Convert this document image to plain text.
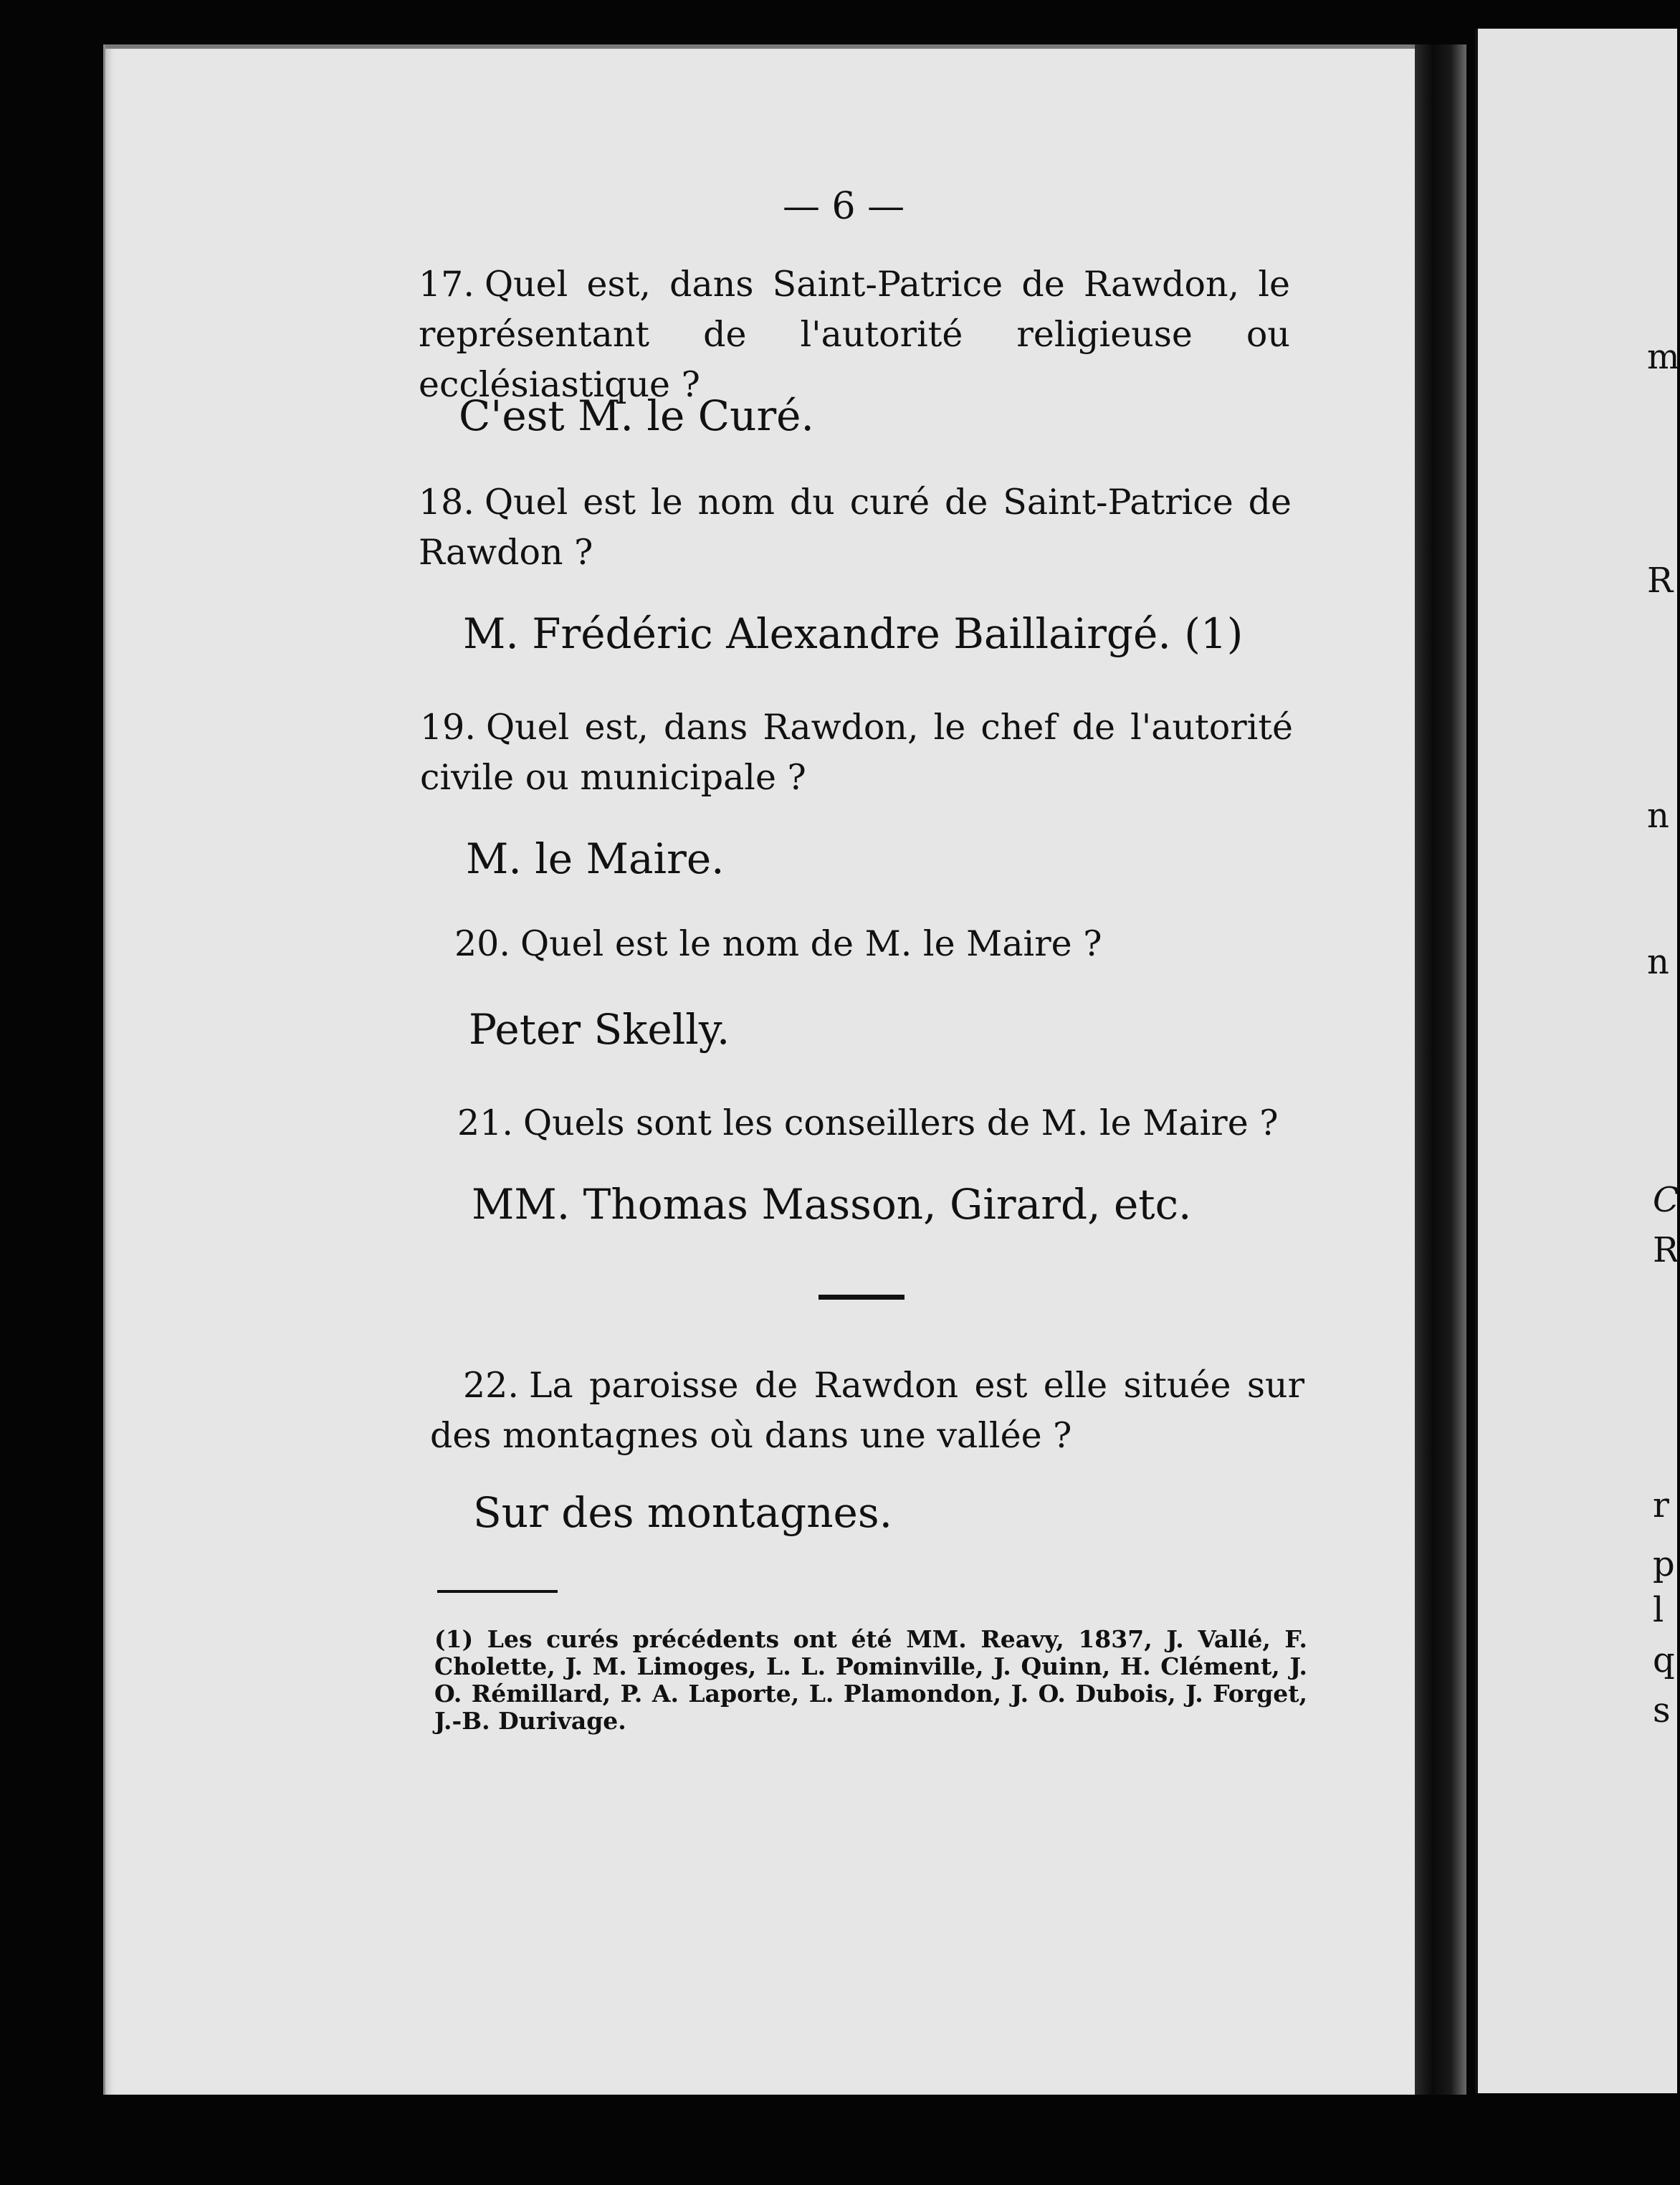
m

R

n

n

C

R

r

p

l

q

s

— 6 —

17. Quel est, dans Saint-Patrice de Rawdon, le représentant de l'autorité religieuse ou ecclésiastique ?

C'est M. le Curé.

18. Quel est le nom du curé de Saint-Patrice de Rawdon ?

M. Frédéric Alexandre Baillairgé. (1)

19. Quel est, dans Rawdon, le chef de l'autorité civile ou municipale ?

M. le Maire.

20. Quel est le nom de M. le Maire ?

Peter Skelly.

21. Quels sont les conseillers de M. le Maire ?

MM. Thomas Masson, Girard, etc.

22. La paroisse de Rawdon est elle située sur des montagnes où dans une vallée ?

Sur des montagnes.

(1) Les curés précédents ont été MM. Reavy, 1837, J. Vallé, F. Cholette, J. M. Limoges, L. L. Pominville, J. Quinn, H. Clément, J. O. Rémillard, P. A. Laporte, L. Plamondon, J. O. Dubois, J. Forget, J.-B. Durivage.
